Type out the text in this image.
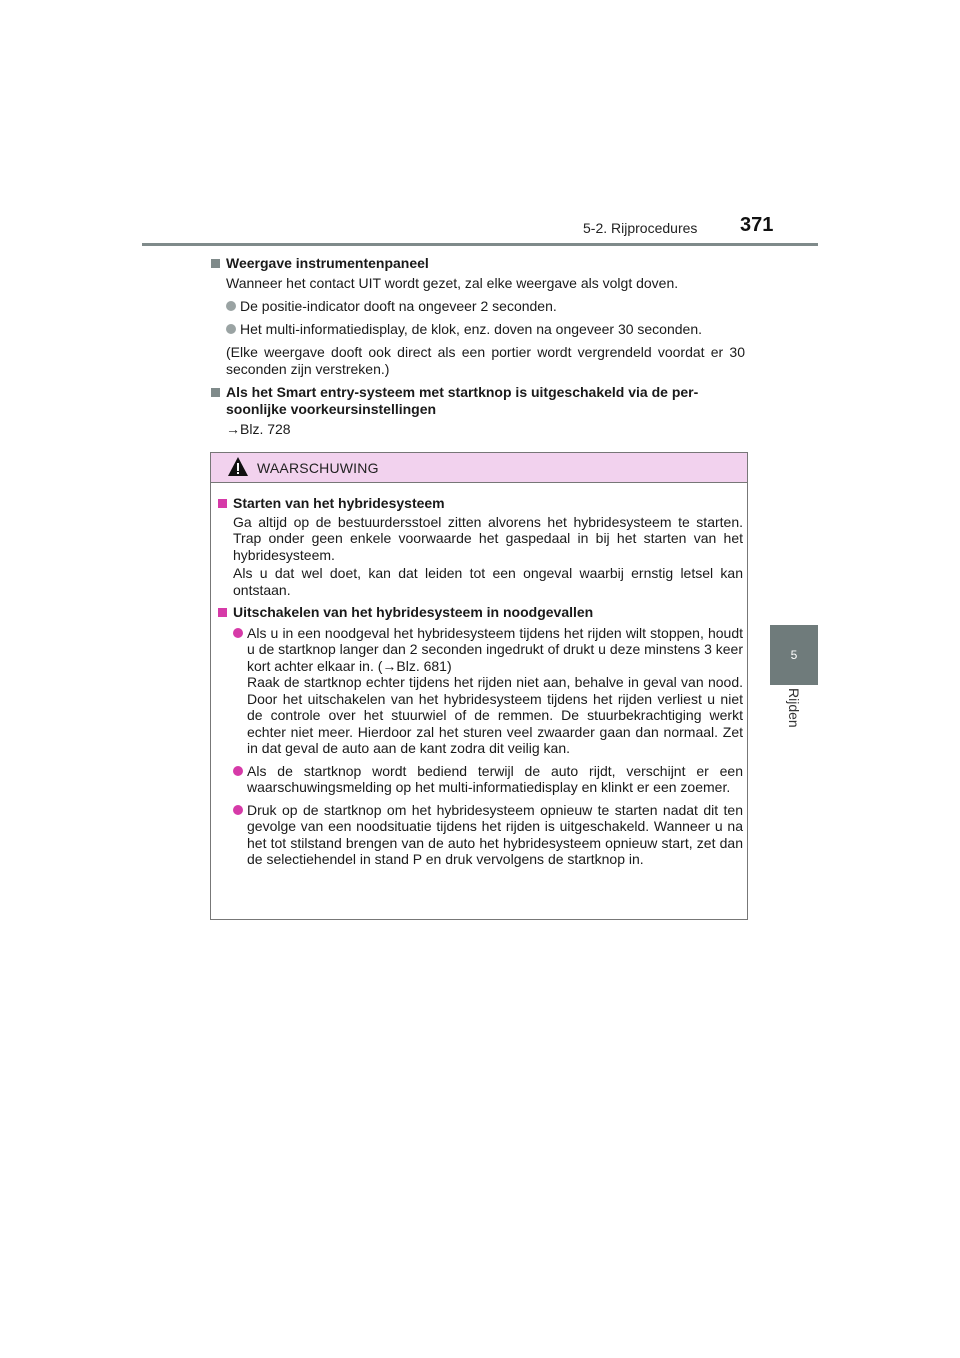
5-2. Rijprocedures 371
5
Rijden
Weergave instrumentenpaneel
Wanneer het contact UIT wordt gezet, zal elke weergave als volgt doven.
De positie-indicator dooft na ongeveer 2 seconden.
Het multi-informatiedisplay, de klok, enz. doven na ongeveer 30 seconden.
(Elke weergave dooft ook direct als een portier wordt vergrendeld voordat er 30 seconden zijn verstreken.)
Als het Smart entry-systeem met startknop is uitgeschakeld via de per-
soonlijke voorkeursinstellingen
→Blz. 728
WAARSCHUWING
Starten van het hybridesysteem
Ga altijd op de bestuurdersstoel zitten alvorens het hybridesysteem te starten. Trap onder geen enkele voorwaarde het gaspedaal in bij het starten van het hybridesysteem.
Als u dat wel doet, kan dat leiden tot een ongeval waarbij ernstig letsel kan ontstaan.
Uitschakelen van het hybridesysteem in noodgevallen
Als u in een noodgeval het hybridesysteem tijdens het rijden wilt stoppen, houdt u de startknop langer dan 2 seconden ingedrukt of drukt u deze minstens 3 keer kort achter elkaar in. (→Blz. 681)
Raak de startknop echter tijdens het rijden niet aan, behalve in geval van nood. Door het uitschakelen van het hybridesysteem tijdens het rijden verliest u niet de controle over het stuurwiel of de remmen. De stuurbekrachtiging werkt echter niet meer. Hierdoor zal het sturen veel zwaarder gaan dan normaal. Zet in dat geval de auto aan de kant zodra dit veilig kan.
Als de startknop wordt bediend terwijl de auto rijdt, verschijnt er een waarschuwingsmelding op het multi-informatiedisplay en klinkt er een zoemer.
Druk op de startknop om het hybridesysteem opnieuw te starten nadat dit ten gevolge van een noodsituatie tijdens het rijden is uitgeschakeld. Wanneer u na het tot stilstand brengen van de auto het hybridesysteem opnieuw start, zet dan de selectiehendel in stand P en druk vervolgens de startknop in.
